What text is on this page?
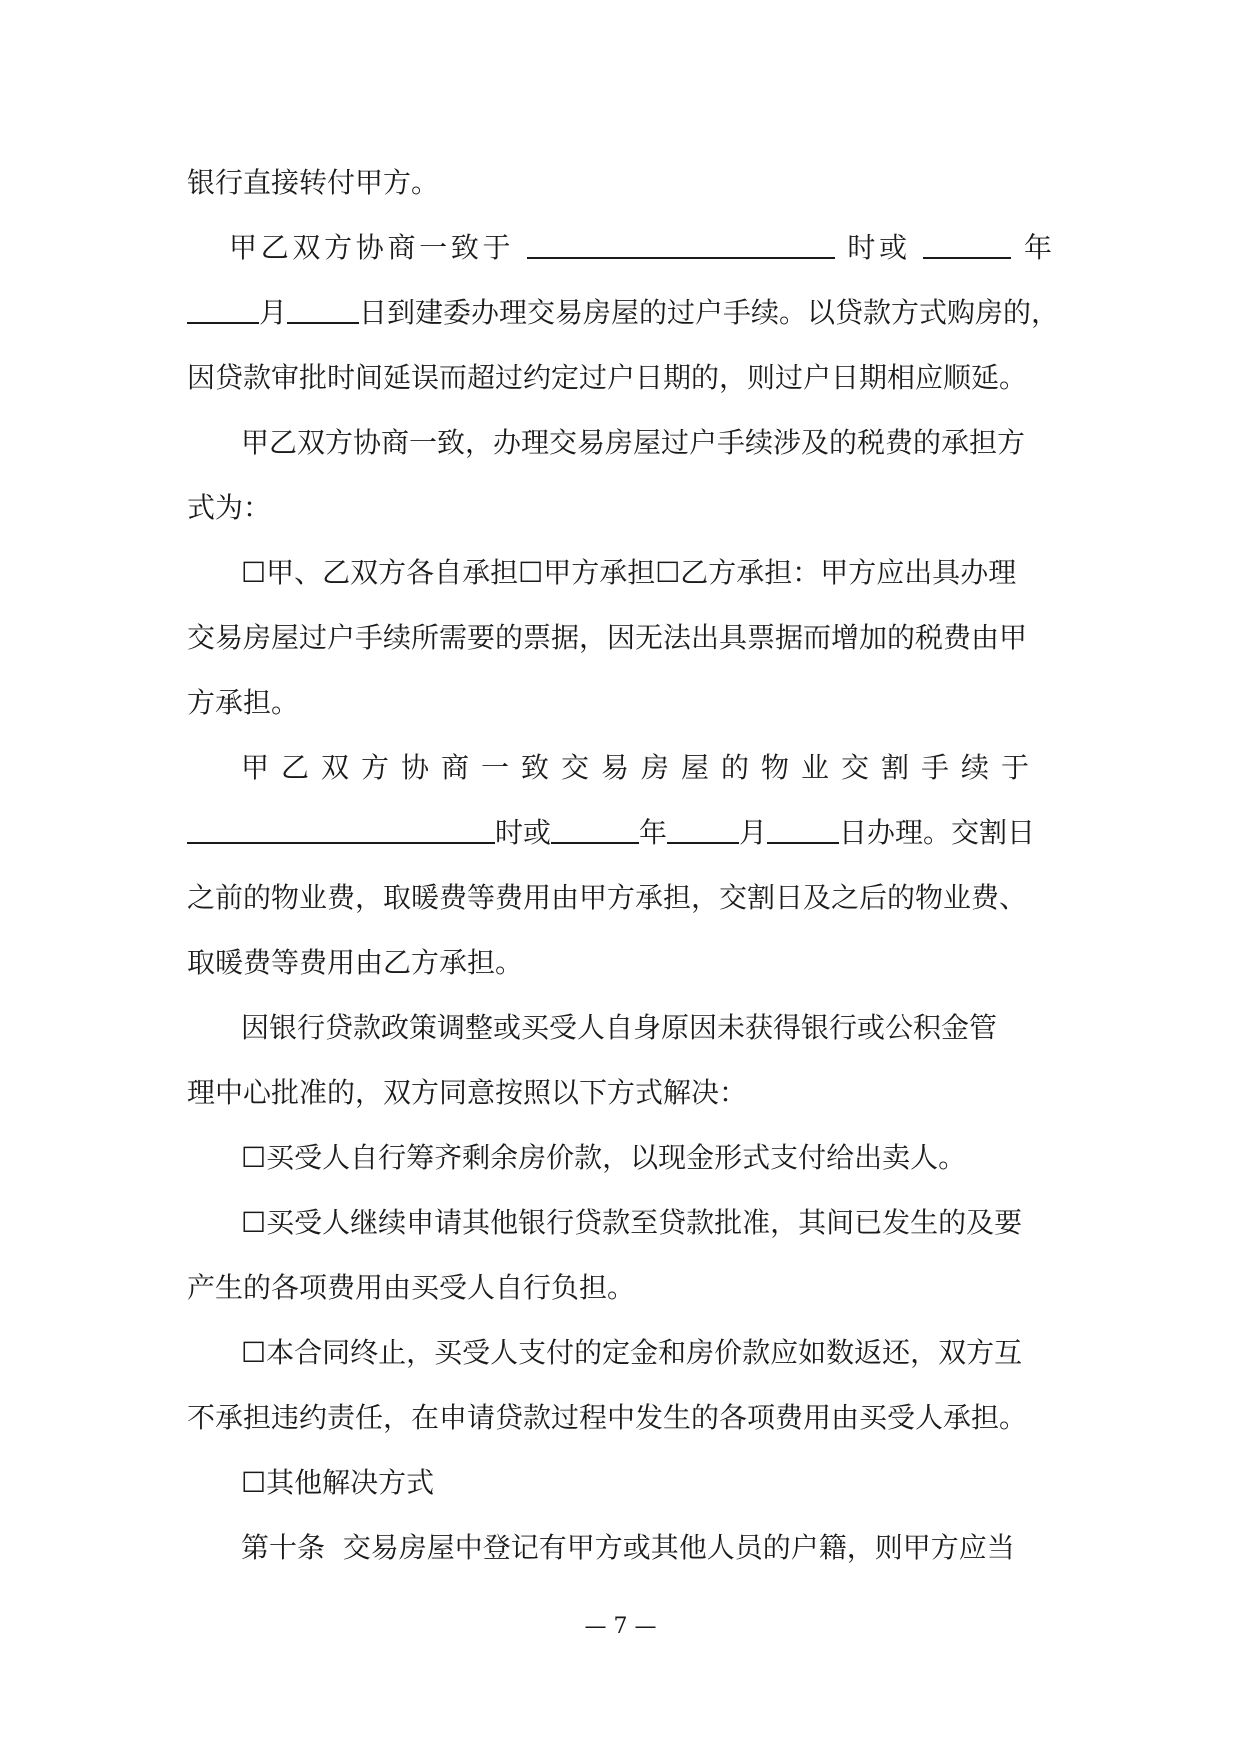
银行直接转付甲方。
甲乙双方协商一致于	时或	年
月	日到建委办理交易房屋的过户手续。以贷款方式购房的，
因贷款审批时间延误而超过约定过户日期的，则过户日期相应顺延。
甲乙双方协商一致，办理交易房屋过户手续涉及的税费的承担方
式为：
☐甲、乙双方各自承担☐甲方承担☐乙方承担：甲方应出具办理
交易房屋过户手续所需要的票据，因无法出具票据而增加的税费由甲
方承担。
甲乙双方协商一致交易房屋的物业交割手续于
时或	年	月	日办理。交割日
之前的物业费，取暖费等费用由甲方承担，交割日及之后的物业费、
取暖费等费用由乙方承担。
因银行贷款政策调整或买受人自身原因未获得银行或公积金管
理中心批准的，双方同意按照以下方式解决：
☐买受人自行筹齐剩余房价款，以现金形式支付给出卖人。
☐买受人继续申请其他银行贷款至贷款批准，其间已发生的及要
产生的各项费用由买受人自行负担。
☐本合同终止，买受人支付的定金和房价款应如数返还，双方互
不承担违约责任，在申请贷款过程中发生的各项费用由买受人承担。
☐其他解决方式
第十条  交易房屋中登记有甲方或其他人员的户籍，则甲方应当
— 7 —
